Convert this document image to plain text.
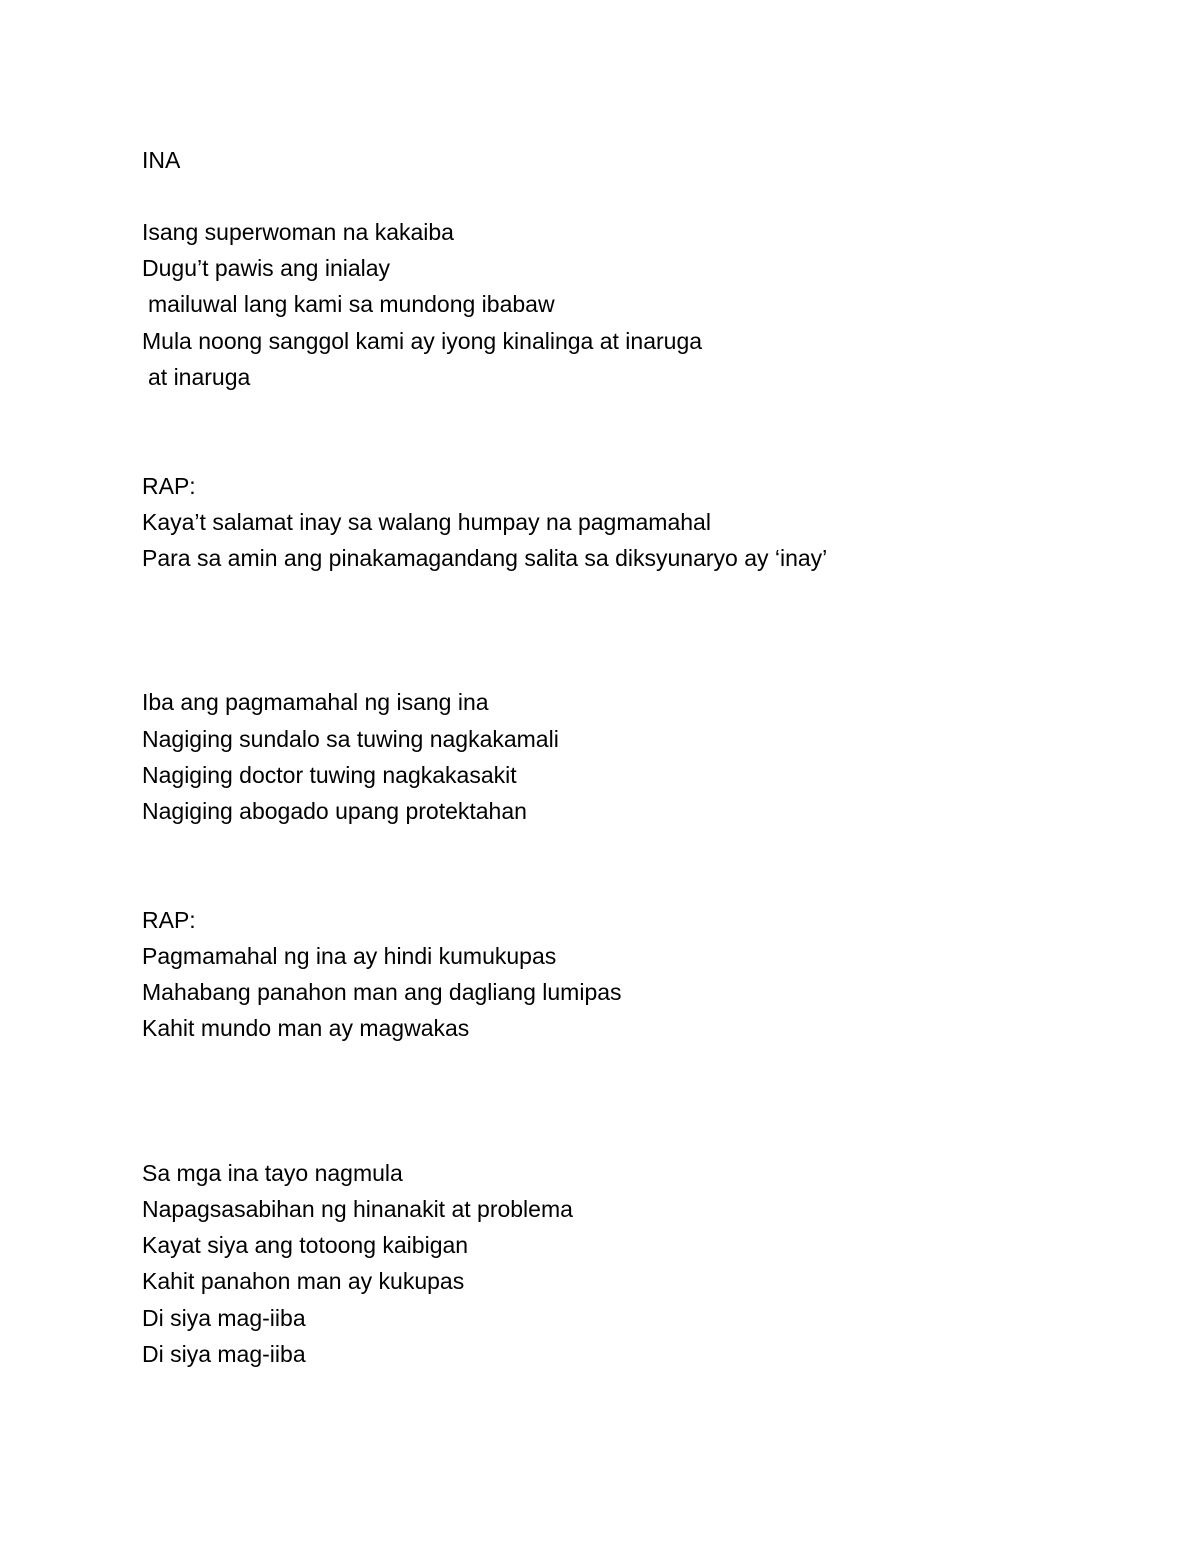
INA

Isang superwoman na kakaiba

Dugu’t pawis ang inialay

mailuwal lang kami sa mundong ibabaw

Mula noong sanggol kami ay iyong kinalinga at inaruga

at inaruga

RAP:

Kaya’t salamat inay sa walang humpay na pagmamahal

Para sa amin ang pinakamagandang salita sa diksyunaryo ay ‘inay’

Iba ang pagmamahal ng isang ina

Nagiging sundalo sa tuwing nagkakamali

Nagiging doctor tuwing nagkakasakit

Nagiging abogado upang protektahan

RAP:

Pagmamahal ng ina ay hindi kumukupas

Mahabang panahon man ang dagliang lumipas

Kahit mundo man ay magwakas

Sa mga ina tayo nagmula

Napagsasabihan ng hinanakit at problema

Kayat siya ang totoong kaibigan

Kahit panahon man ay kukupas

Di siya mag-iiba

Di siya mag-iiba
